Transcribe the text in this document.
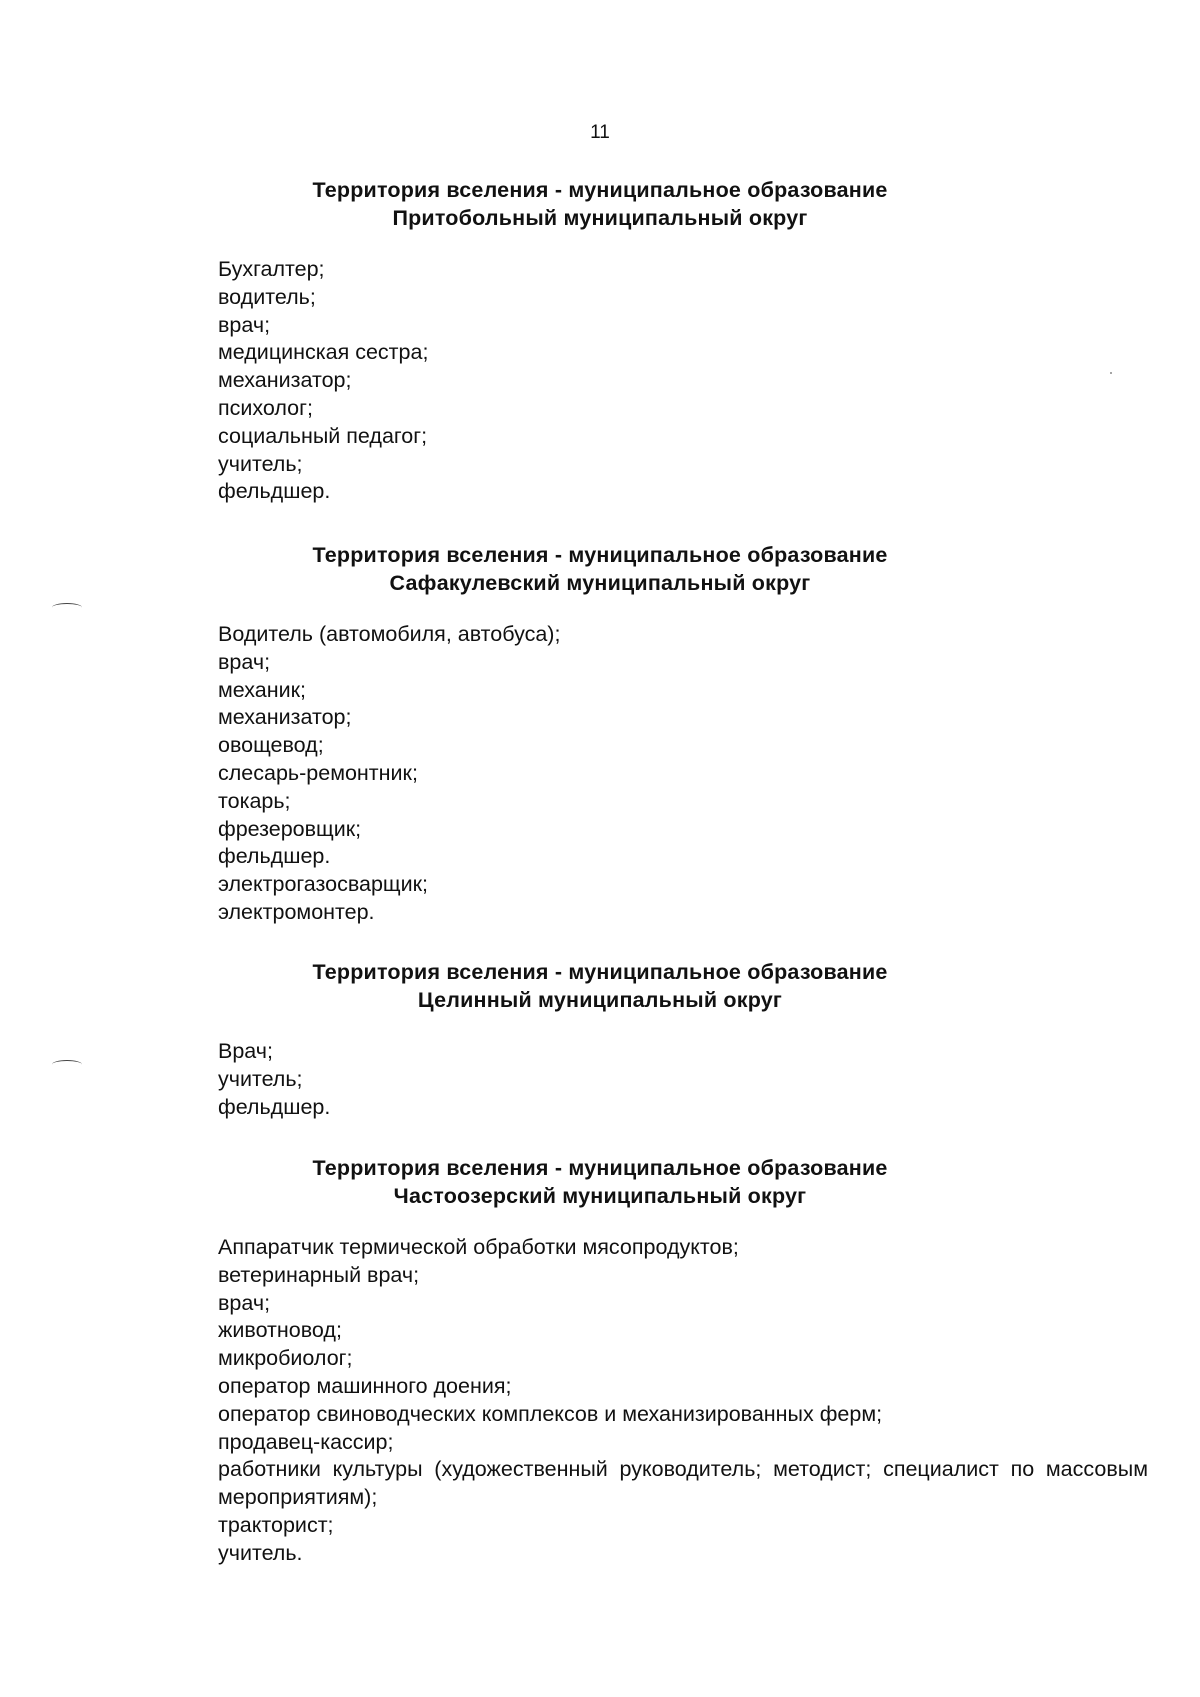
11
Территория вселения - муниципальное образование
Притобольный муниципальный округ
Бухгалтер;
водитель;
врач;
медицинская сестра;
механизатор;
психолог;
социальный педагог;
учитель;
фельдшер.
Территория вселения - муниципальное образование
Сафакулевский муниципальный округ
Водитель (автомобиля, автобуса);
врач;
механик;
механизатор;
овощевод;
слесарь-ремонтник;
токарь;
фрезеровщик;
фельдшер.
электрогазосварщик;
электромонтер.
Территория вселения - муниципальное образование
Целинный муниципальный округ
Врач;
учитель;
фельдшер.
Территория вселения - муниципальное образование
Частоозерский муниципальный округ
Аппаратчик термической обработки мясопродуктов;
ветеринарный врач;
врач;
животновод;
микробиолог;
оператор машинного доения;
оператор свиноводческих комплексов и механизированных ферм;
продавец-кассир;
работники культуры (художественный руководитель; методист; специалист по массовым мероприятиям);
тракторист;
учитель.
